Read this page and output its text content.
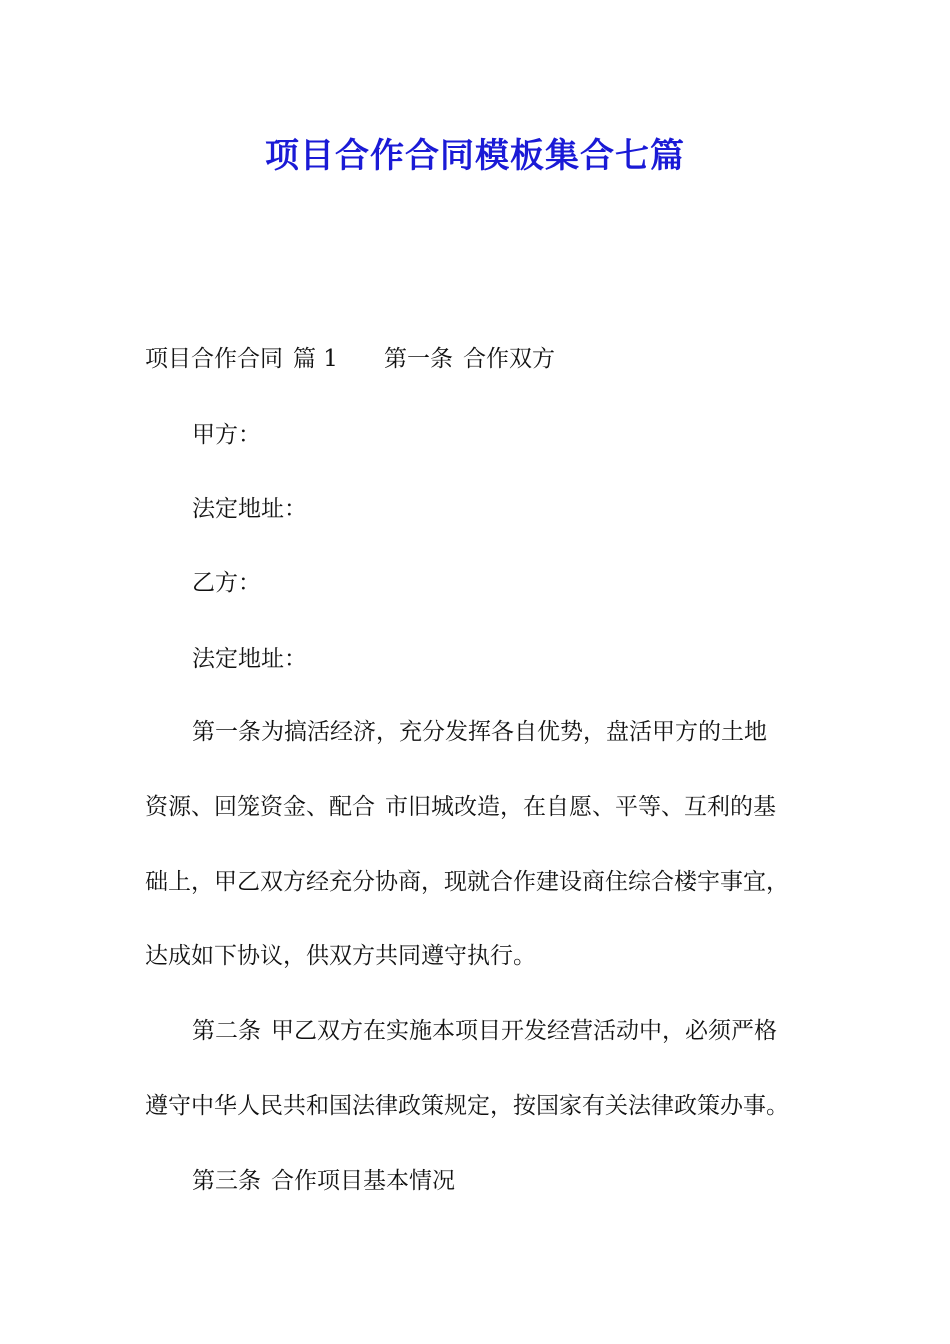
项目合作合同模板集合七篇
项目合作合同 篇 1 第一条 合作双方
甲方：
法定地址：
乙方：
法定地址：
第一条为搞活经济，充分发挥各自优势，盘活甲方的土地
资源、回笼资金、配合 市旧城改造，在自愿、平等、互利的基
础上，甲乙双方经充分协商，现就合作建设商住综合楼宇事宜，
达成如下协议，供双方共同遵守执行。
第二条 甲乙双方在实施本项目开发经营活动中，必须严格
遵守中华人民共和国法律政策规定，按国家有关法律政策办事。
第三条 合作项目基本情况
